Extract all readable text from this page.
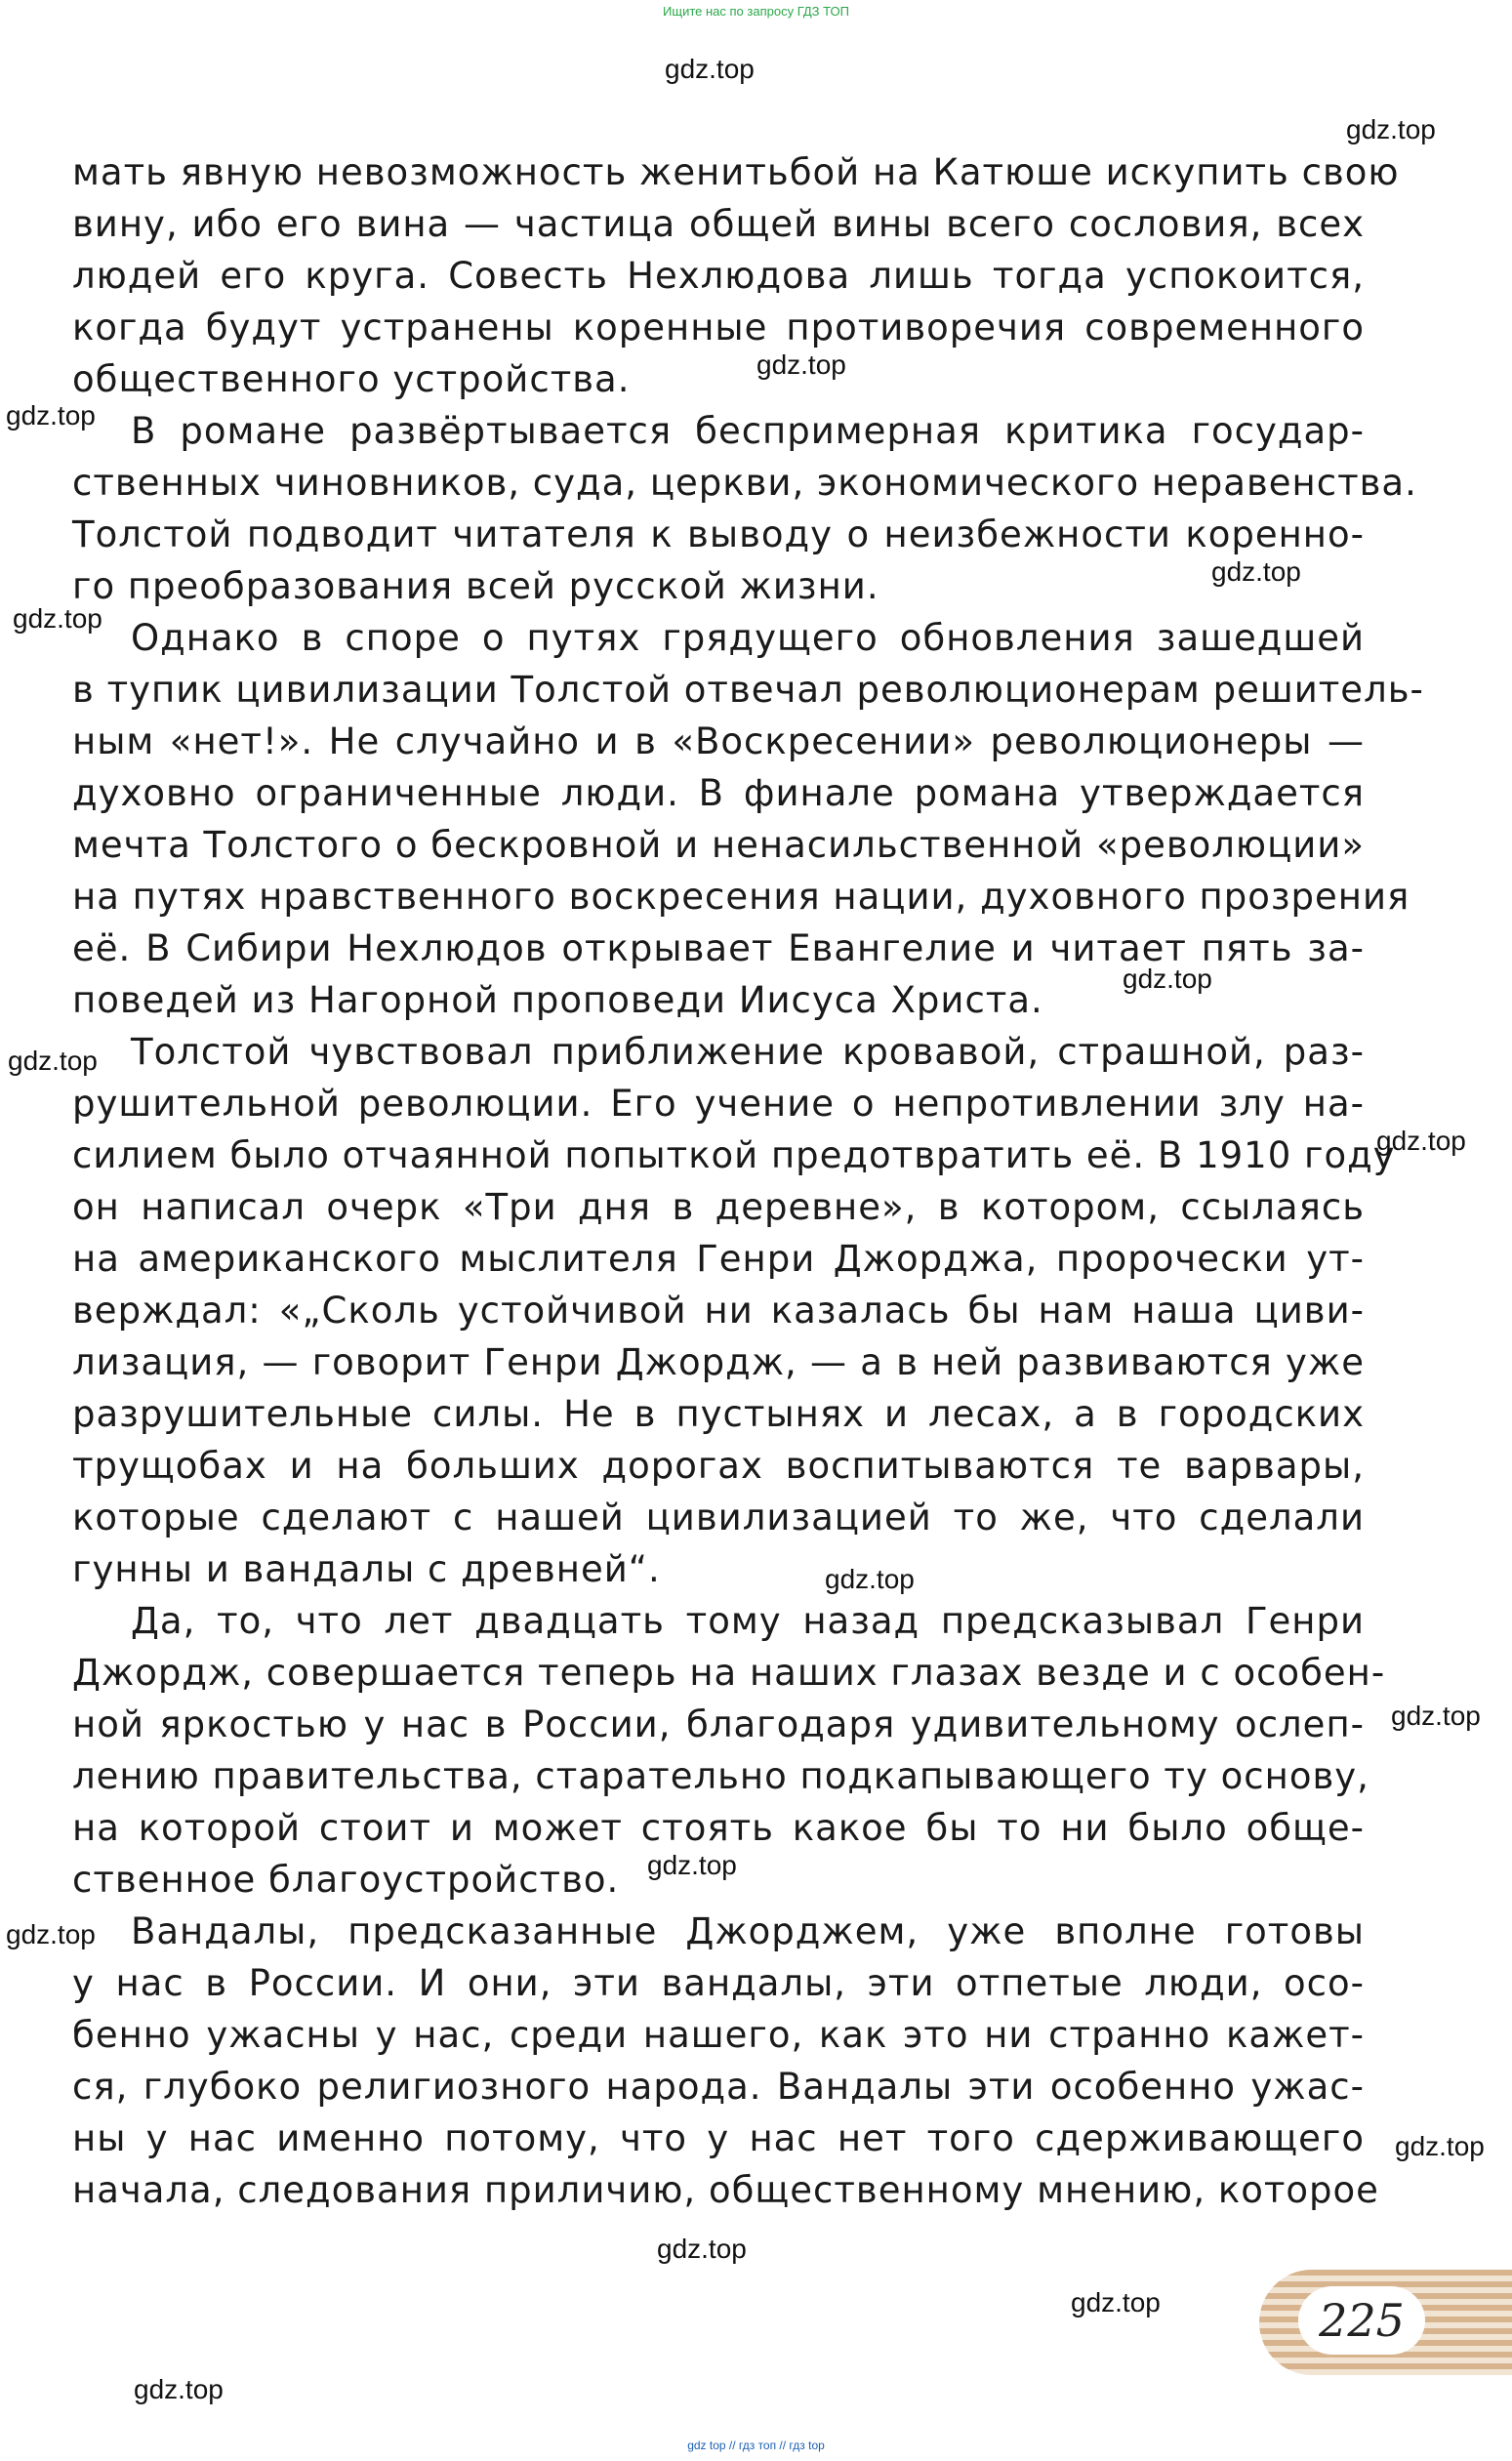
Ищите нас по запросу ГДЗ ТОП
мать явную невозможность женитьбой на Катюше искупить свою
вину, ибо его вина — частица общей вины всего сословия, всех
людей его круга. Совесть Нехлюдова лишь тогда успокоится,
когда будут устранены коренные противоречия современного
общественного устройства.
В романе развёртывается беспримерная критика государ-
ственных чиновников, суда, церкви, экономического неравенства.
Толстой подводит читателя к выводу о неизбежности коренно-
го преобразования всей русской жизни.
Однако в споре о путях грядущего обновления зашедшей
в тупик цивилизации Толстой отвечал революционерам решитель-
ным «нет!». Не случайно и в «Воскресении» революционеры —
духовно ограниченные люди. В финале романа утверждается
мечта Толстого о бескровной и ненасильственной «революции»
на путях нравственного воскресения нации, духовного прозрения
её. В Сибири Нехлюдов открывает Евангелие и читает пять за-
поведей из Нагорной проповеди Иисуса Христа.
Толстой чувствовал приближение кровавой, страшной, раз-
рушительной революции. Его учение о непротивлении злу на-
силием было отчаянной попыткой предотвратить её. В 1910 году
он написал очерк «Три дня в деревне», в котором, ссылаясь
на американского мыслителя Генри Джорджа, пророчески ут-
верждал: «„Сколь устойчивой ни казалась бы нам наша циви-
лизация, — говорит Генри Джордж, — а в ней развиваются уже
разрушительные силы. Не в пустынях и лесах, а в городских
трущобах и на больших дорогах воспитываются те варвары,
которые сделают с нашей цивилизацией то же, что сделали
гунны и вандалы с древней“.
Да, то, что лет двадцать тому назад предсказывал Генри
Джордж, совершается теперь на наших глазах везде и с особен-
ной яркостью у нас в России, благодаря удивительному ослеп-
лению правительства, старательно подкапывающего ту основу,
на которой стоит и может стоять какое бы то ни было обще-
ственное благоустройство.
Вандалы, предсказанные Джорджем, уже вполне готовы
у нас в России. И они, эти вандалы, эти отпетые люди, осо-
бенно ужасны у нас, среди нашего, как это ни странно кажет-
ся, глубоко религиозного народа. Вандалы эти особенно ужас-
ны у нас именно потому, что у нас нет того сдерживающего
начала, следования приличию, общественному мнению, которое
gdz.top
gdz.top
gdz.top
gdz.top
gdz.top
gdz.top
gdz.top
gdz.top
gdz.top
gdz.top
gdz.top
gdz.top
gdz.top
gdz.top
gdz.top
gdz.top
gdz.top
225
gdz top // гдз топ // гдз top
